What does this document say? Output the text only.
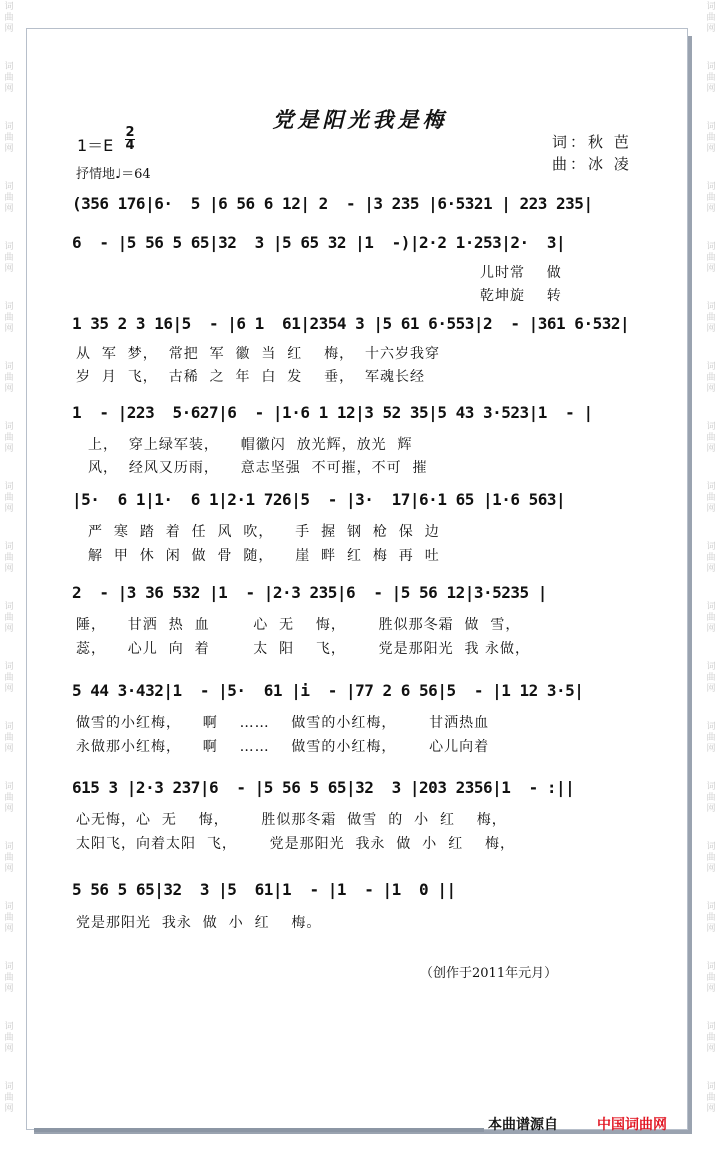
词
曲
网
词
曲
网
词
曲
网
词
曲
网
词
曲
网
词
曲
网
词
曲
网
词
曲
网
词
曲
网
词
曲
网
词
曲
网
词
曲
网
词
曲
网
词
曲
网
词
曲
网
词
曲
网
词
曲
网
词
曲
网
词
曲
网
词
曲
网
词
曲
网
词
曲
网
词
曲
网
词
曲
网
词
曲
网
词
曲
网
词
曲
网
词
曲
网
词
曲
网
词
曲
网
词
曲
网
词
曲
网
词
曲
网
词
曲
网
词
曲
网
词
曲
网
词
曲
网
词
曲
网
党是阳光我是梅
1＝E
2
4
抒情地♩＝64
词：秋 芭
曲：冰 凌
(356 176|6·  5 |6 56 6 12| 2  - |3 235 |6·5321 | 223 235|
6  - |5 56 5 65|32  3 |5 65 32 |1  -)|2·2 1·253|2·  3|
儿时常    做
乾坤旋    转
1 35 2 3 16|5  - |6 1  61|2354 3 |5 61 6·553|2  - |361 6·532|
从  军  梦，  常把  军  徽  当  红    梅，  十六岁我穿
岁  月  飞，  古稀  之  年  白  发    垂，  军魂长经
1  - |223  5·627|6  - |1·6 1 12|3 52 35|5 43 3·523|1  - |
上，  穿上绿军装，    帽徽闪  放光辉，放光  辉
风，  经风又历雨，    意志坚强  不可摧，不可  摧
|5·  6 1|1·  6 1|2·1 726|5  - |3·  17|6·1 65 |1·6 563|
严  寒  踏  着  任  风  吹，    手  握  钢  枪  保  边
解  甲  休  闲  做  骨  随，    崖  畔  红  梅  再  吐
2  - |3 36 532 |1  - |2·3 235|6  - |5 56 12|3·5235 |
陲，    甘洒  热  血        心  无    悔，      胜似那冬霜  做  雪，
蕊，    心儿  向  着        太  阳    飞，      党是那阳光  我 永做，
5 44 3·432|1  - |5·  61 |i  - |77 2 6 56|5  - |1 12 3·5|
做雪的小红梅，    啊    ……    做雪的小红梅，      甘洒热血
永做那小红梅，    啊    ……    做雪的小红梅，      心儿向着
615 3 |2·3 237|6  - |5 56 5 65|32  3 |203 2356|1  - :||
心无悔，心  无    悔，      胜似那冬霜  做雪  的  小  红    梅，
太阳飞，向着太阳  飞，      党是那阳光  我永  做  小  红    梅，
5 56 5 65|32  3 |5  61|1  - |1  - |1  0 ||
党是那阳光  我永  做  小  红    梅。
（创作于2011年元月）
本曲谱源自	中国词曲网
